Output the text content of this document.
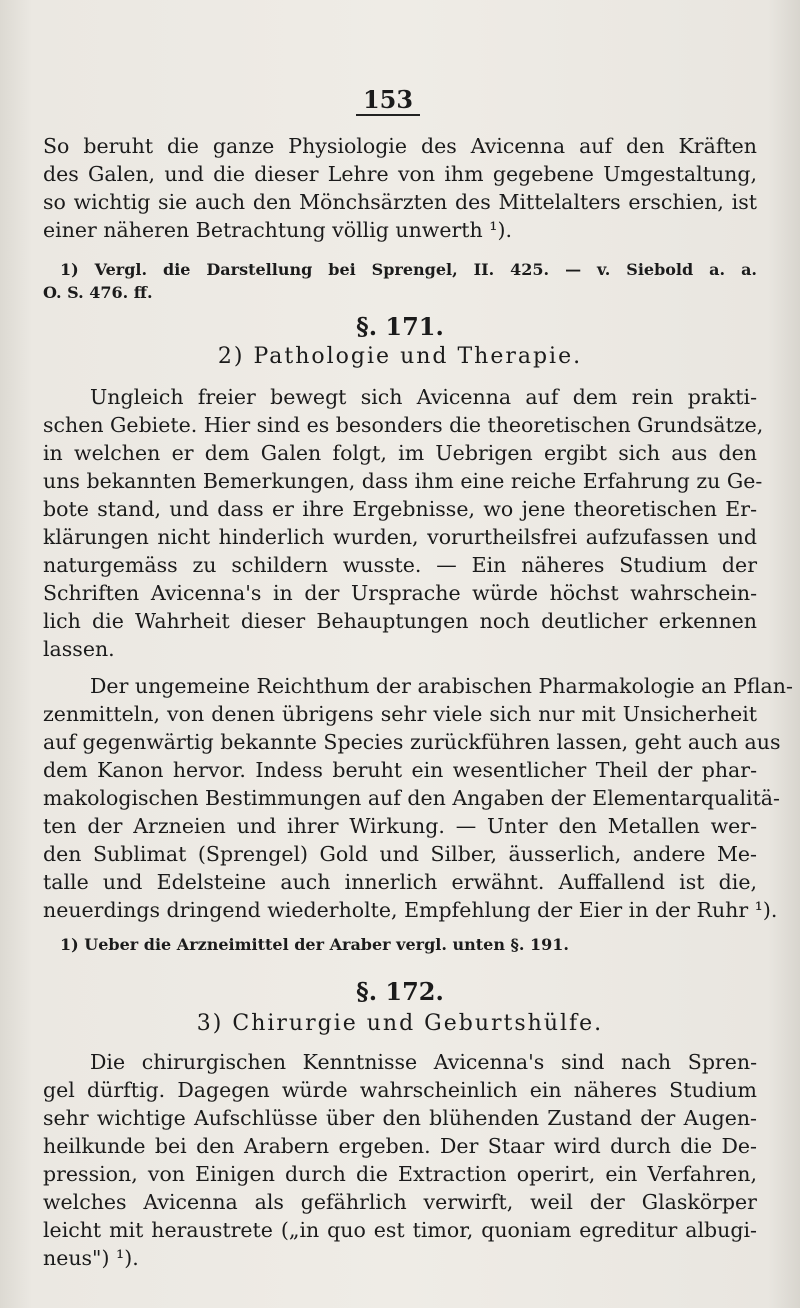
153
So beruht die ganze Physiologie des Avicenna auf den Kräften
des Galen, und die dieser Lehre von ihm gegebene Umgestaltung,
so wichtig sie auch den Mönchsärzten des Mittelalters erschien, ist
einer näheren Betrachtung völlig unwerth ¹).
1) Vergl. die Darstellung bei Sprengel, II. 425. — v. Siebold a. a.
O. S. 476. ff.
§. 171.
2) Pathologie und Therapie.
Ungleich freier bewegt sich Avicenna auf dem rein prakti-
schen Gebiete. Hier sind es besonders die theoretischen Grundsätze,
in welchen er dem Galen folgt, im Uebrigen ergibt sich aus den
uns bekannten Bemerkungen, dass ihm eine reiche Erfahrung zu Ge-
bote stand, und dass er ihre Ergebnisse, wo jene theoretischen Er-
klärungen nicht hinderlich wurden, vorurtheilsfrei aufzufassen und
naturgemäss zu schildern wusste. — Ein näheres Studium der
Schriften Avicenna's in der Ursprache würde höchst wahrschein-
lich die Wahrheit dieser Behauptungen noch deutlicher erkennen
lassen.
Der ungemeine Reichthum der arabischen Pharmakologie an Pflan-
zenmitteln, von denen übrigens sehr viele sich nur mit Unsicherheit
auf gegenwärtig bekannte Species zurückführen lassen, geht auch aus
dem Kanon hervor. Indess beruht ein wesentlicher Theil der phar-
makologischen Bestimmungen auf den Angaben der Elementarqualitä-
ten der Arzneien und ihrer Wirkung. — Unter den Metallen wer-
den Sublimat (Sprengel) Gold und Silber, äusserlich, andere Me-
talle und Edelsteine auch innerlich erwähnt. Auffallend ist die,
neuerdings dringend wiederholte, Empfehlung der Eier in der Ruhr ¹).
1) Ueber die Arzneimittel der Araber vergl. unten §. 191.
§. 172.
3) Chirurgie und Geburtshülfe.
Die chirurgischen Kenntnisse Avicenna's sind nach Spren-
gel dürftig. Dagegen würde wahrscheinlich ein näheres Studium
sehr wichtige Aufschlüsse über den blühenden Zustand der Augen-
heilkunde bei den Arabern ergeben. Der Staar wird durch die De-
pression, von Einigen durch die Extraction operirt, ein Verfahren,
welches Avicenna als gefährlich verwirft, weil der Glaskörper
leicht mit heraustrete („in quo est timor, quoniam egreditur albugi-
neus") ¹).
